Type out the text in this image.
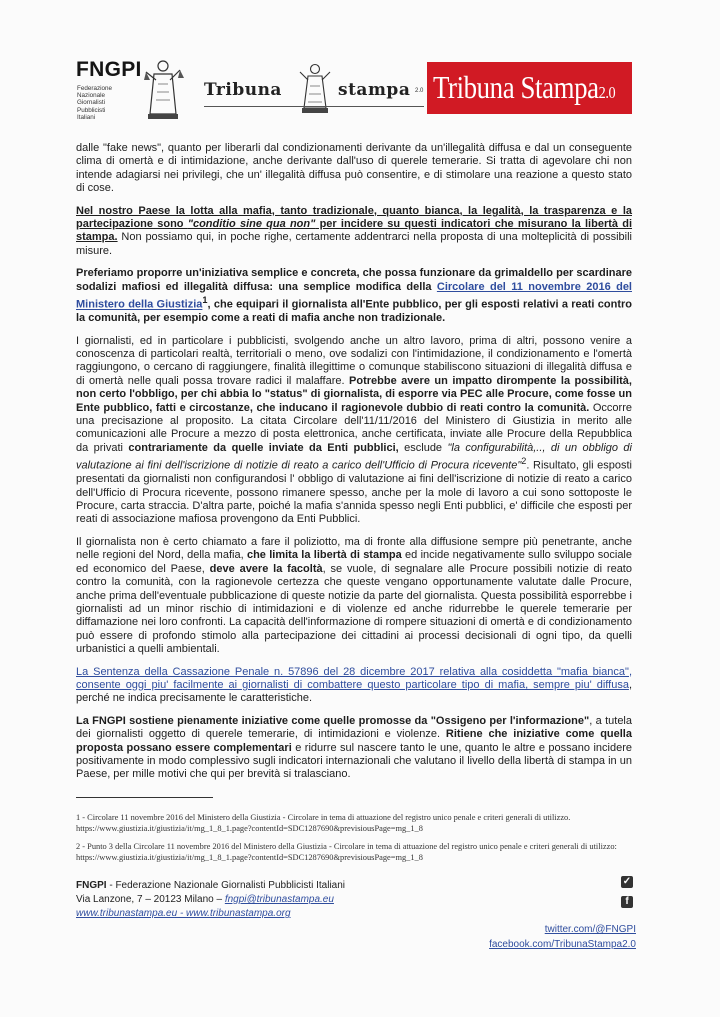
FNGPI
Federazione
Nazionale
Giornalisti
Pubblicisti
Italiani
Tribuna	stampa 2.0 Tribuna Stampa2.0

dalle "fake news", quanto per liberarli dal condizionamenti derivante da un'illegalità diffusa e dal un conseguente clima di omertà e di intimidazione, anche derivante dall'uso di querele temerarie. Si tratta di agevolare chi non intende adagiarsi nei privilegi, che un' illegalità diffusa può consentire, e di stimolare una reazione a questo stato di cose.

Nel nostro Paese la lotta alla mafia, tanto tradizionale, quanto bianca, la legalità, la trasparenza e la partecipazione sono "conditio sine qua non" per incidere su questi indicatori che misurano la libertà di stampa. Non possiamo qui, in poche righe, certamente addentrarci nella proposta di una molteplicità di possibili misure.

Preferiamo proporre un'iniziativa semplice e concreta, che possa funzionare da grimaldello per scardinare sodalizi mafiosi ed illegalità diffusa: una semplice modifica della Circolare del 11 novembre 2016 del Ministero della Giustizia$^1$, che equipari il giornalista all'Ente pubblico, per gli esposti relativi a reati contro la comunità, per esempio come a reati di mafia anche non tradizionale.

I giornalisti, ed in particolare i pubblicisti, svolgendo anche un altro lavoro, prima di altri, possono venire a conoscenza di particolari realtà, territoriali o meno, ove sodalizi con l'intimidazione, il condizionamento e l'omertà raggiungono, o cercano di raggiungere, finalità illegittime o comunque stabiliscono situazioni di illegalità diffusa e di omertà nelle quali possa trovare radici il malaffare. Potrebbe avere un impatto dirompente la possibilità, non certo l'obbligo, per chi abbia lo "status" di giornalista, di esporre via PEC alle Procure, come fosse un Ente pubblico, fatti e circostanze, che inducano il ragionevole dubbio di reati contro la comunità. Occorre una precisazione al proposito. La citata Circolare dell'11/11/2016 del Ministero di Giustizia in merito alle comunicazioni alle Procure a mezzo di posta elettronica, anche certificata, inviate alle Procure della Repubblica da privati contrariamente da quelle inviate da Enti pubblici, esclude "la configurabilità,.., di un obbligo di valutazione ai fini dell'iscrizione di notizie di reato a carico dell'Ufficio di Procura ricevente"$^2$. Risultato, gli esposti presentati da giornalisti non configurandosi l' obbligo di valutazione ai fini dell'iscrizione di notizie di reato a carico dell'Ufficio di Procura ricevente, possono rimanere spesso, anche per la mole di lavoro a cui sono sottoposte le Procure, carta straccia. D'altra parte, poiché la mafia s'annida spesso negli Enti pubblici, e' difficile che esposti per reati di associazione mafiosa provengono da Enti Pubblici.

Il giornalista non è certo chiamato a fare il poliziotto, ma di fronte alla diffusione sempre più penetrante, anche nelle regioni del Nord, della mafia, che limita la libertà di stampa ed incide negativamente sullo sviluppo sociale ed economico del Paese, deve avere la facoltà, se vuole, di segnalare alle Procure possibili notizie di reato contro la comunità, con la ragionevole certezza che queste vengano opportunamente valutate dalle Procure, anche prima dell'eventuale pubblicazione di queste notizie da parte del giornalista. Questa possibilità esporrebbe i giornalisti ad un minor rischio di intimidazioni e di violenze ed anche ridurrebbe le querele temerarie per diffamazione nei loro confronti. La capacità dell'informazione di rompere situazioni di omertà e di condizionamento può essere di profondo stimolo alla partecipazione dei cittadini ai processi decisionali di ogni tipo, da quelli urbanistici a quelli ambientali.

La Sentenza della Cassazione Penale n. 57896 del 28 dicembre 2017 relativa alla cosiddetta "mafia bianca", consente oggi piu' facilmente ai giornalisti di combattere questo particolare tipo di mafia, sempre piu' diffusa, perché ne indica precisamente le caratteristiche.

La FNGPI sostiene pienamente iniziative come quelle promosse da "Ossigeno per l'informazione", a tutela dei giornalisti oggetto di querele temerarie, di intimidazioni e violenze. Ritiene che iniziative come quella proposta possano essere complementari e ridurre sul nascere tanto le une, quanto le altre e possano incidere positivamente in modo complessivo sugli indicatori internazionali che valutano il livello della libertà di stampa in un Paese, per mille motivi che qui per brevità si tralasciano.

1 - Circolare 11 novembre 2016 del Ministero della Giustizia - Circolare in tema di attuazione del registro unico penale e criteri generali di utilizzo. https://www.giustizia.it/giustizia/it/mg_1_8_1.page?contentId=SDC1287690&previsiousPage=mg_1_8
2 - Punto 3 della Circolare 11 novembre 2016 del Ministero della Giustizia - Circolare in tema di attuazione del registro unico penale e criteri generali di utilizzo: https://www.giustizia.it/giustizia/it/mg_1_8_1.page?contentId=SDC1287690&previsiousPage=mg_1_8
FNGPI - Federazione Nazionale Giornalisti Pubblicisti Italiani
Via Lanzone, 7 – 20123 Milano – fngpi@tribunastampa.eu
www.tribunastampa.eu - www.tribunastampa.org
✓
f
twitter.com/@FNGPI
facebook.com/TribunaStampa2.0
